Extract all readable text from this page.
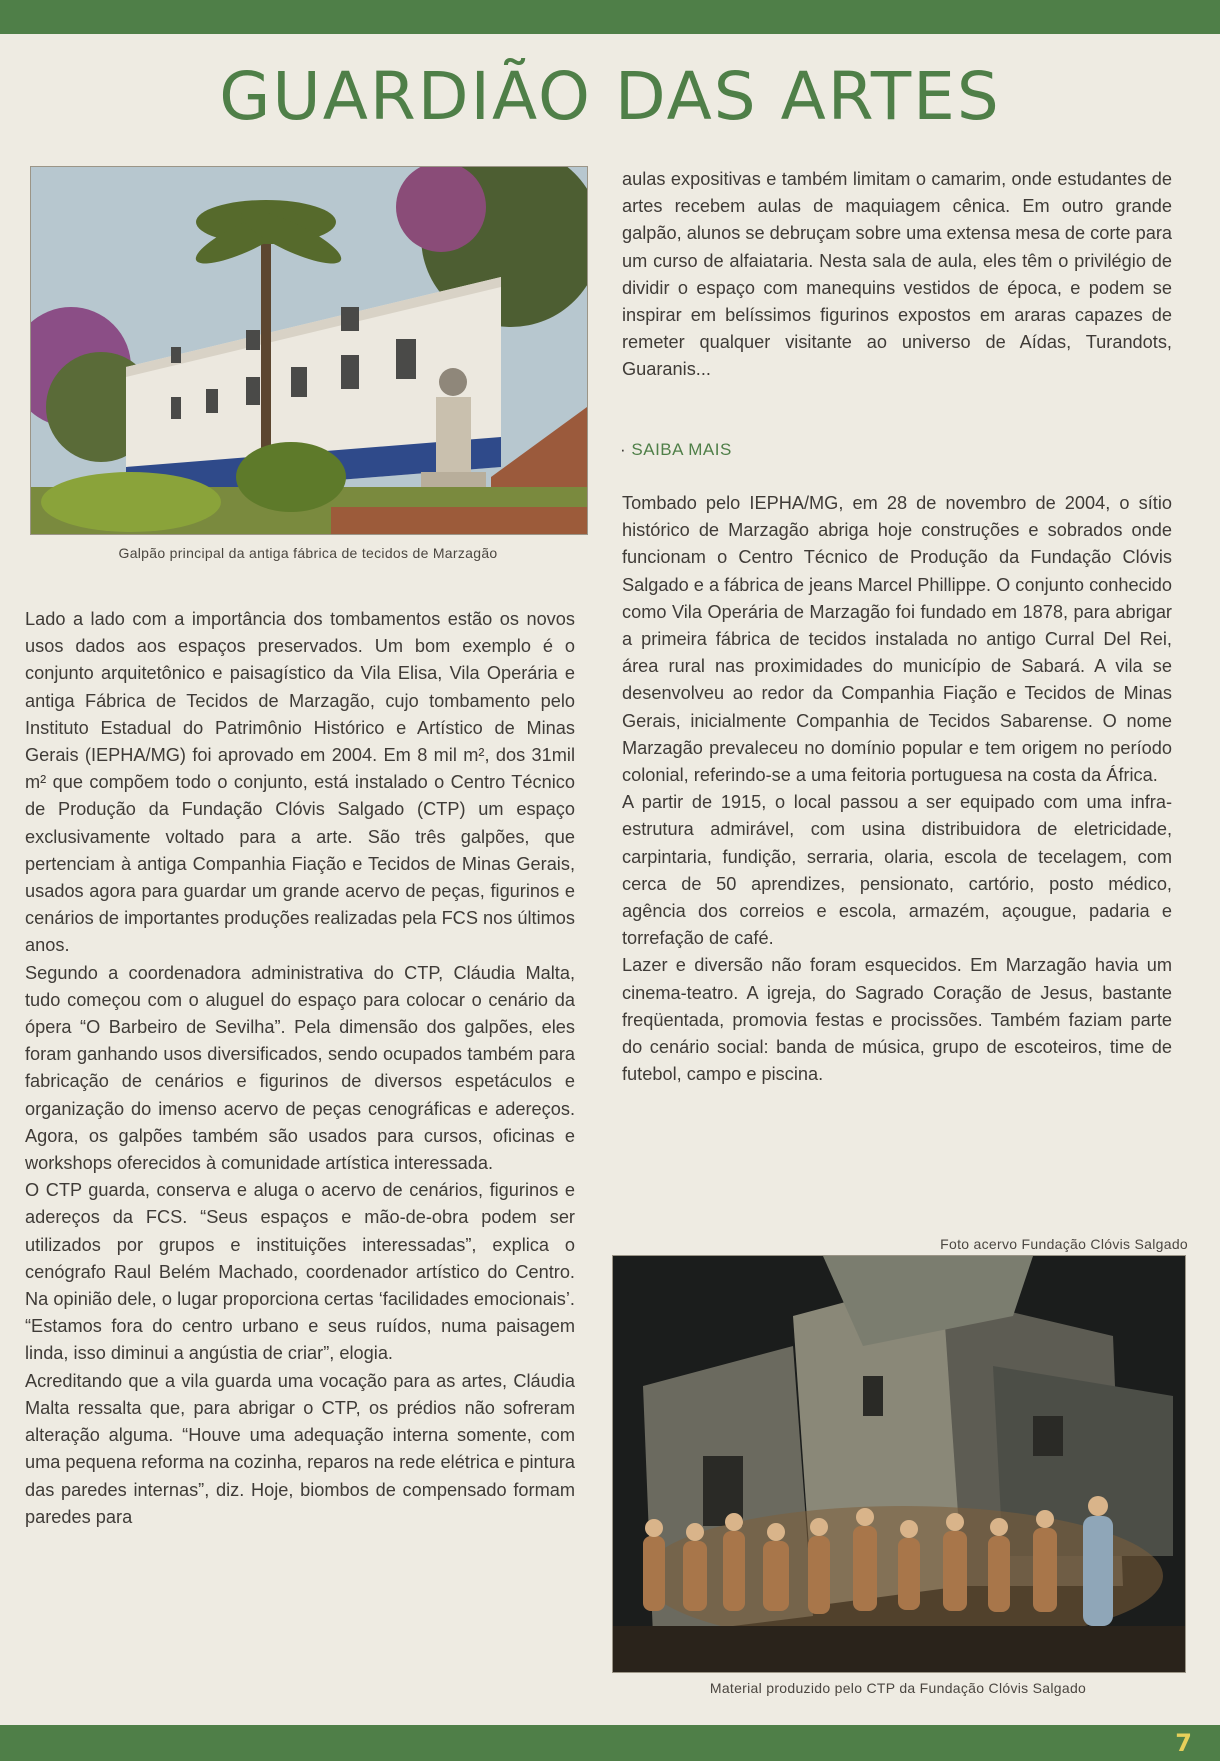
GUARDIÃO DAS ARTES
Galpão principal da antiga fábrica de tecidos de Marzagão

Lado a lado com a importância dos tombamentos estão os novos usos dados aos espaços preservados. Um bom exemplo é o conjunto arquitetônico e paisagístico da Vila Elisa, Vila Operária e antiga Fábrica de Tecidos de Marzagão, cujo tombamento pelo Instituto Estadual do Patrimônio Histórico e Artístico de Minas Gerais (IEPHA/MG) foi aprovado em 2004. Em 8 mil m², dos 31mil m² que compõem todo o conjunto, está instalado o Centro Técnico de Produção da Fundação Clóvis Salgado (CTP) um espaço exclusivamente voltado para a arte. São três galpões, que pertenciam à antiga Companhia Fiação e Tecidos de Minas Gerais, usados agora para guardar um grande acervo de peças, figurinos e cenários de importantes produções realizadas pela FCS nos últimos anos.

Segundo a coordenadora administrativa do CTP, Cláudia Malta, tudo começou com o aluguel do espaço para colocar o cenário da ópera “O Barbeiro de Sevilha”. Pela dimensão dos galpões, eles foram ganhando usos diversificados, sendo ocupados também para fabricação de cenários e figurinos de diversos espetáculos e organização do imenso acervo de peças cenográficas e adereços. Agora, os galpões também são usados para cursos, oficinas e workshops oferecidos à comunidade artística interessada.

O CTP guarda, conserva e aluga o acervo de cenários, figurinos e adereços da FCS. “Seus espaços e mão-de-obra podem ser utilizados por grupos e instituições interessadas”, explica o cenógrafo Raul Belém Machado, coordenador artístico do Centro. Na opinião dele, o lugar proporciona certas ‘facilidades emocionais’. “Estamos fora do centro urbano e seus ruídos, numa paisagem linda, isso diminui a angústia de criar”, elogia.

Acreditando que a vila guarda uma vocação para as artes, Cláudia Malta ressalta que, para abrigar o CTP, os prédios não sofreram alteração alguma. “Houve uma adequação interna somente, com uma pequena reforma na cozinha, reparos na rede elétrica e pintura das paredes internas”, diz. Hoje, biombos de compensado formam paredes para

aulas expositivas e também limitam o camarim, onde estudantes de artes recebem aulas de maquiagem cênica. Em outro grande galpão, alunos se debruçam sobre uma extensa mesa de corte para um curso de alfaiataria. Nesta sala de aula, eles têm o privilégio de dividir o espaço com manequins vestidos de época, e podem se inspirar em belíssimos figurinos expostos em araras capazes de remeter qualquer visitante ao universo de Aídas, Turandots, Guaranis...

· SAIBA MAIS

Tombado pelo IEPHA/MG, em 28 de novembro de 2004, o sítio histórico de Marzagão abriga hoje construções e sobrados onde funcionam o Centro Técnico de Produção da Fundação Clóvis Salgado e a fábrica de jeans Marcel Phillippe. O conjunto conhecido como Vila Operária de Marzagão foi fundado em 1878, para abrigar a primeira fábrica de tecidos instalada no antigo Curral Del Rei, área rural nas proximidades do município de Sabará. A vila se desenvolveu ao redor da Companhia Fiação e Tecidos de Minas Gerais, inicialmente Companhia de Tecidos Sabarense. O nome Marzagão prevaleceu no domínio popular e tem origem no período colonial, referindo-se a uma feitoria portuguesa na costa da África.

A partir de 1915, o local passou a ser equipado com uma infra-estrutura admirável, com usina distribuidora de eletricidade, carpintaria, fundição, serraria, olaria, escola de tecelagem, com cerca de 50 aprendizes, pensionato, cartório, posto médico, agência dos correios e escola, armazém, açougue, padaria e torrefação de café.

Lazer e diversão não foram esquecidos. Em Marzagão havia um cinema-teatro. A igreja, do Sagrado Coração de Jesus, bastante freqüentada, promovia festas e procissões. Também faziam parte do cenário social: banda de música, grupo de escoteiros, time de futebol, campo e piscina.

Foto acervo Fundação Clóvis Salgado
Material produzido pelo CTP da Fundação Clóvis Salgado
7
